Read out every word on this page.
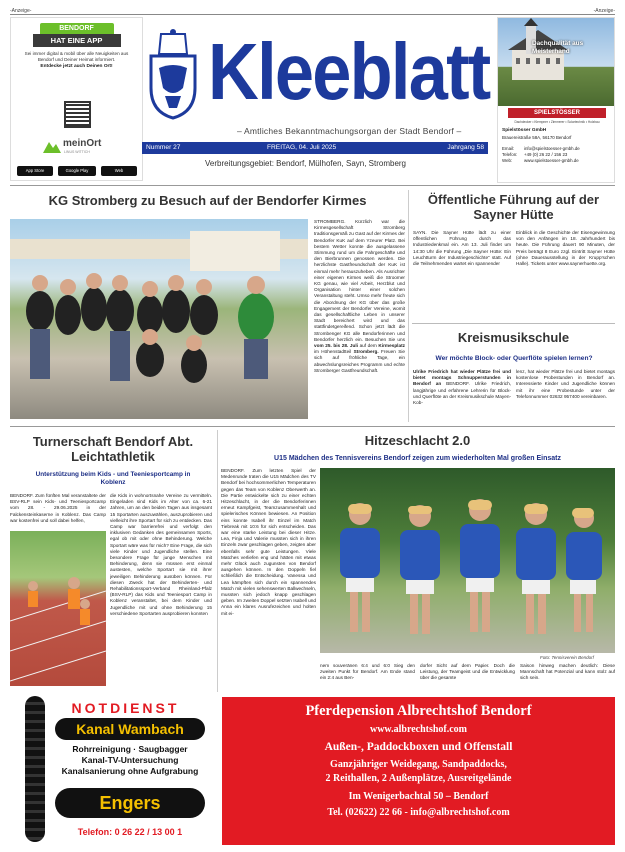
-Anzeige-	-Anzeige-
BENDORF
HAT EINE APP
Sei immer digital & mobil über alle Neuigkeiten aus Bendorf und Deiner Heimat informiert.
Entdecke jetzt auch Deinen Ort!
meinOrt
LINUS WITTICH
App Store	Google Play	Web
Kleeblatt
– Amtliches Bekanntmachungsorgan der Stadt Bendorf –
Nummer 27	FREITAG, 04. Juli 2025	Jahrgang 58
Verbreitungsgebiet: Bendorf, Mülhofen, Sayn, Stromberg
Dachqualität aus Meisterhand
SPIELSTÖSSER
Dachdecker • Klempner • Zimmerer • Solartechnik • Holzbau
Spielstösser GmbH
Brauereistraße 58A, 56170 Bendorf
Email: info@spielstoesser-gmbh.de
Telefon: +49 (0) 26 22 / 156 23
Web:	www.spielstoesser-gmbh.de
KG Stromberg zu Besuch auf der Bendorfer Kirmes
STROMBERG. Kürzlich war die Kirmesgesellschaft Stromberg traditionsgemäß zu Gast auf der Kirmes der Bendorfer KuK auf dem Yzeurer Platz. Bei bestem Wetter konnte die ausgelassene Stimmung rund um die Fahrgeschäfte und den Bierbrunnen genossen werden. Die herzlichste Gastfreundschaft der KuK ist einmal mehr herauszuheben. Als Ausrichter einer eigenen Kirmes weiß die Stroomer KG genau, wie viel Arbeit, Herzblut und Organisation hinter einer solchen Veranstaltung steht. Umso mehr freute sich die Abordnung der KG über das große Engagement der Bendorfer Vereine, womit das gesellschaftliche Leben in unserer Stadt bereichert wird und das stattfindetgereifend. Schon jetzt lädt die Strombenger KG alle Bendorferinnen und Bendorfer herzlich ein. Besuchen Sie uns vom 25. bis 28. Juli auf dem Kirmesplatz im Höhenstadtteil Stromberg. Freuen Sie sich auf fröhliche Tage, ein abwechslungsreiches Programm und echte Stromberger Gastfreundschaft.
Öffentliche Führung auf der Sayner Hütte
SAYN. Die Sayner Hütte lädt zu einer öffentlichen Führung durch das Industriedenkmal ein. Am 13. Juli findet um 14:30 Uhr die Führung „Die Sayner Hütte: Ein Leuchtturm der Industriegeschichte“ statt. Auf die Teilnehmenden wartet ein spannender
Einblick in die Geschichte der Eisengewinnung von den Anfängen im 18. Jahrhundert bis heute. Die Führung dauert 90 Minuten, der Preis beträgt 8 Euro zzgl. Eintritt Sayner Hütte (ohne Dauerausstellung in der Krupp'schen Halle). Tickets unter www.saynerhuette.org.
Kreismusikschule
Wer möchte Block- oder Querflöte spielen lernen?
Ulrike Friedrich hat wieder Plätze frei und bietet montags Schnupperstunden in Bendorf an BENDORF. Ulrike Friedrich, langjährige und erfahrene Lehrerin für Block- und Querflöte an der Kreismusikschule Mayen-Kob-
lenz, hat wieder Plätze frei und bietet montags kostenlose Probestunden in Bendorf an. Interessierte Kinder und Jugendliche können mit ihr eine Probestunde unter der Telefonnummer 02632 957400 vereinbaren.
Turnerschaft Bendorf Abt. Leichtathletik
Unterstützung beim Kids - und Teeniesportcamp in Koblenz
BENDORF. Zum fünften Mal veranstaltete der BSV-RLP sein Kids- und Teeniesportcamp vom 28. - 29.06.2025 in der Falckensteinkaserne in Koblenz. Das Camp war kostenfrei und soll dabei helfen,
die Kids in wohnortsnahe Vereine zu vermitteln. Eingeladen sind Kids im Alter von ca. 6-21 Jahren, um an den beiden Tagen aus insgesamt 15 Sportarten auszuwählen, auszuprobieren und vielleicht ihre Sportart für sich zu entdecken. Das Camp war barrierefrei und verfolgt den inklusiven Gedanken des gemeinsamen Sports, egal ob mit oder ohne Behinderung. Welche Sportart wäre was für mich? Eine Frage, die sich viele Kinder und Jugendliche stellen. Eine besondere Frage für junge Menschen mit Behinderung, denn sie müssen erst einmal austesten, welche Sportart sie mit ihrer jeweiligen Behinderung ausüben können. Für diesen Zweck hat der Behinderten- und Rehabilitationssport-Verband Rheinland-Pfalz (BSV-RLP) das Kids und Teeniesport Camp in Koblenz veranstaltet, bei dem Kinder und Jugendliche mit und ohne Behinderung 15 verschiedene Sportarten ausprobieren konnten
Hitzeschlacht 2.0
U15 Mädchen des Tennisvereins Bendorf zeigen zum wiederholten Mal großen Einsatz
BENDORF. Zum letzten Spiel der Medenrunde traten die U15 Mädchen des TV Bendorf bei hochsommerlichen Temperaturen gegen das Team von Koblenz Oberwerth an. Die Partie entwickelte sich zu einer echten Hitzeschlacht, in der die Bendorferinnen erneut Kampfgeist, Teamzusammenhalt und spielerisches Können bewiesen. An Position eins konnte Isabell ihr Einzel im Match Tiebreak mit 10:6 für sich entscheiden. Das war eine starke Leistung bei dieser Hitze. Lea, Finja und Valerie mussten sich in ihren Einzeln zwar geschlagen geben, zeigten aber ebenfalls sehr gute Leistungen. Viele Matches verliefen eng und hätten mit etwas mehr Glück auch zugunsten von Bendorf ausgehen können. In den Doppeln fiel schließlich die Entscheidung. Vanessa und Lea kämpften sich durch ein spannendes Match mit vielen sehenswerten Ballwechseln, mussten sich jedoch knapp geschlagen geben. Im zweiten Doppel setzten Isabell und Anna ein klares Ausrufezeichen und holten mit ei-
Foto: Tennisverein Bendorf
nem souveränen 6:4 und 6:0 Sieg den zweiten Punkt für Bendorf. Am Ende stand ein 2:4 aus Ben-
dorfer Sicht auf dem Papier. Doch die Leistung, der Teamgeist und die Entwicklung über die gesamte
Saison hinweg machen deutlich: Diese Mannschaft hat Potenzial und kann stolz auf sich sein.
NOTDIENST
Kanal Wambach
Rohrreinigung · Saugbagger
Kanal-TV-Untersuchung
Kanalsanierung ohne Aufgrabung
Engers
Telefon: 0 26 22 / 13 00 1
Pferdepension Albrechtshof Bendorf
www.albrechtshof.com
Außen-, Paddockboxen und Offenstall
Ganzjähriger Weidegang, Sandpaddocks,
2 Reithallen, 2 Außenplätze, Ausreitgelände
Im Wenigerbachtal 50 – Bendorf
Tel. (02622) 22 66 - info@albrechtshof.com
